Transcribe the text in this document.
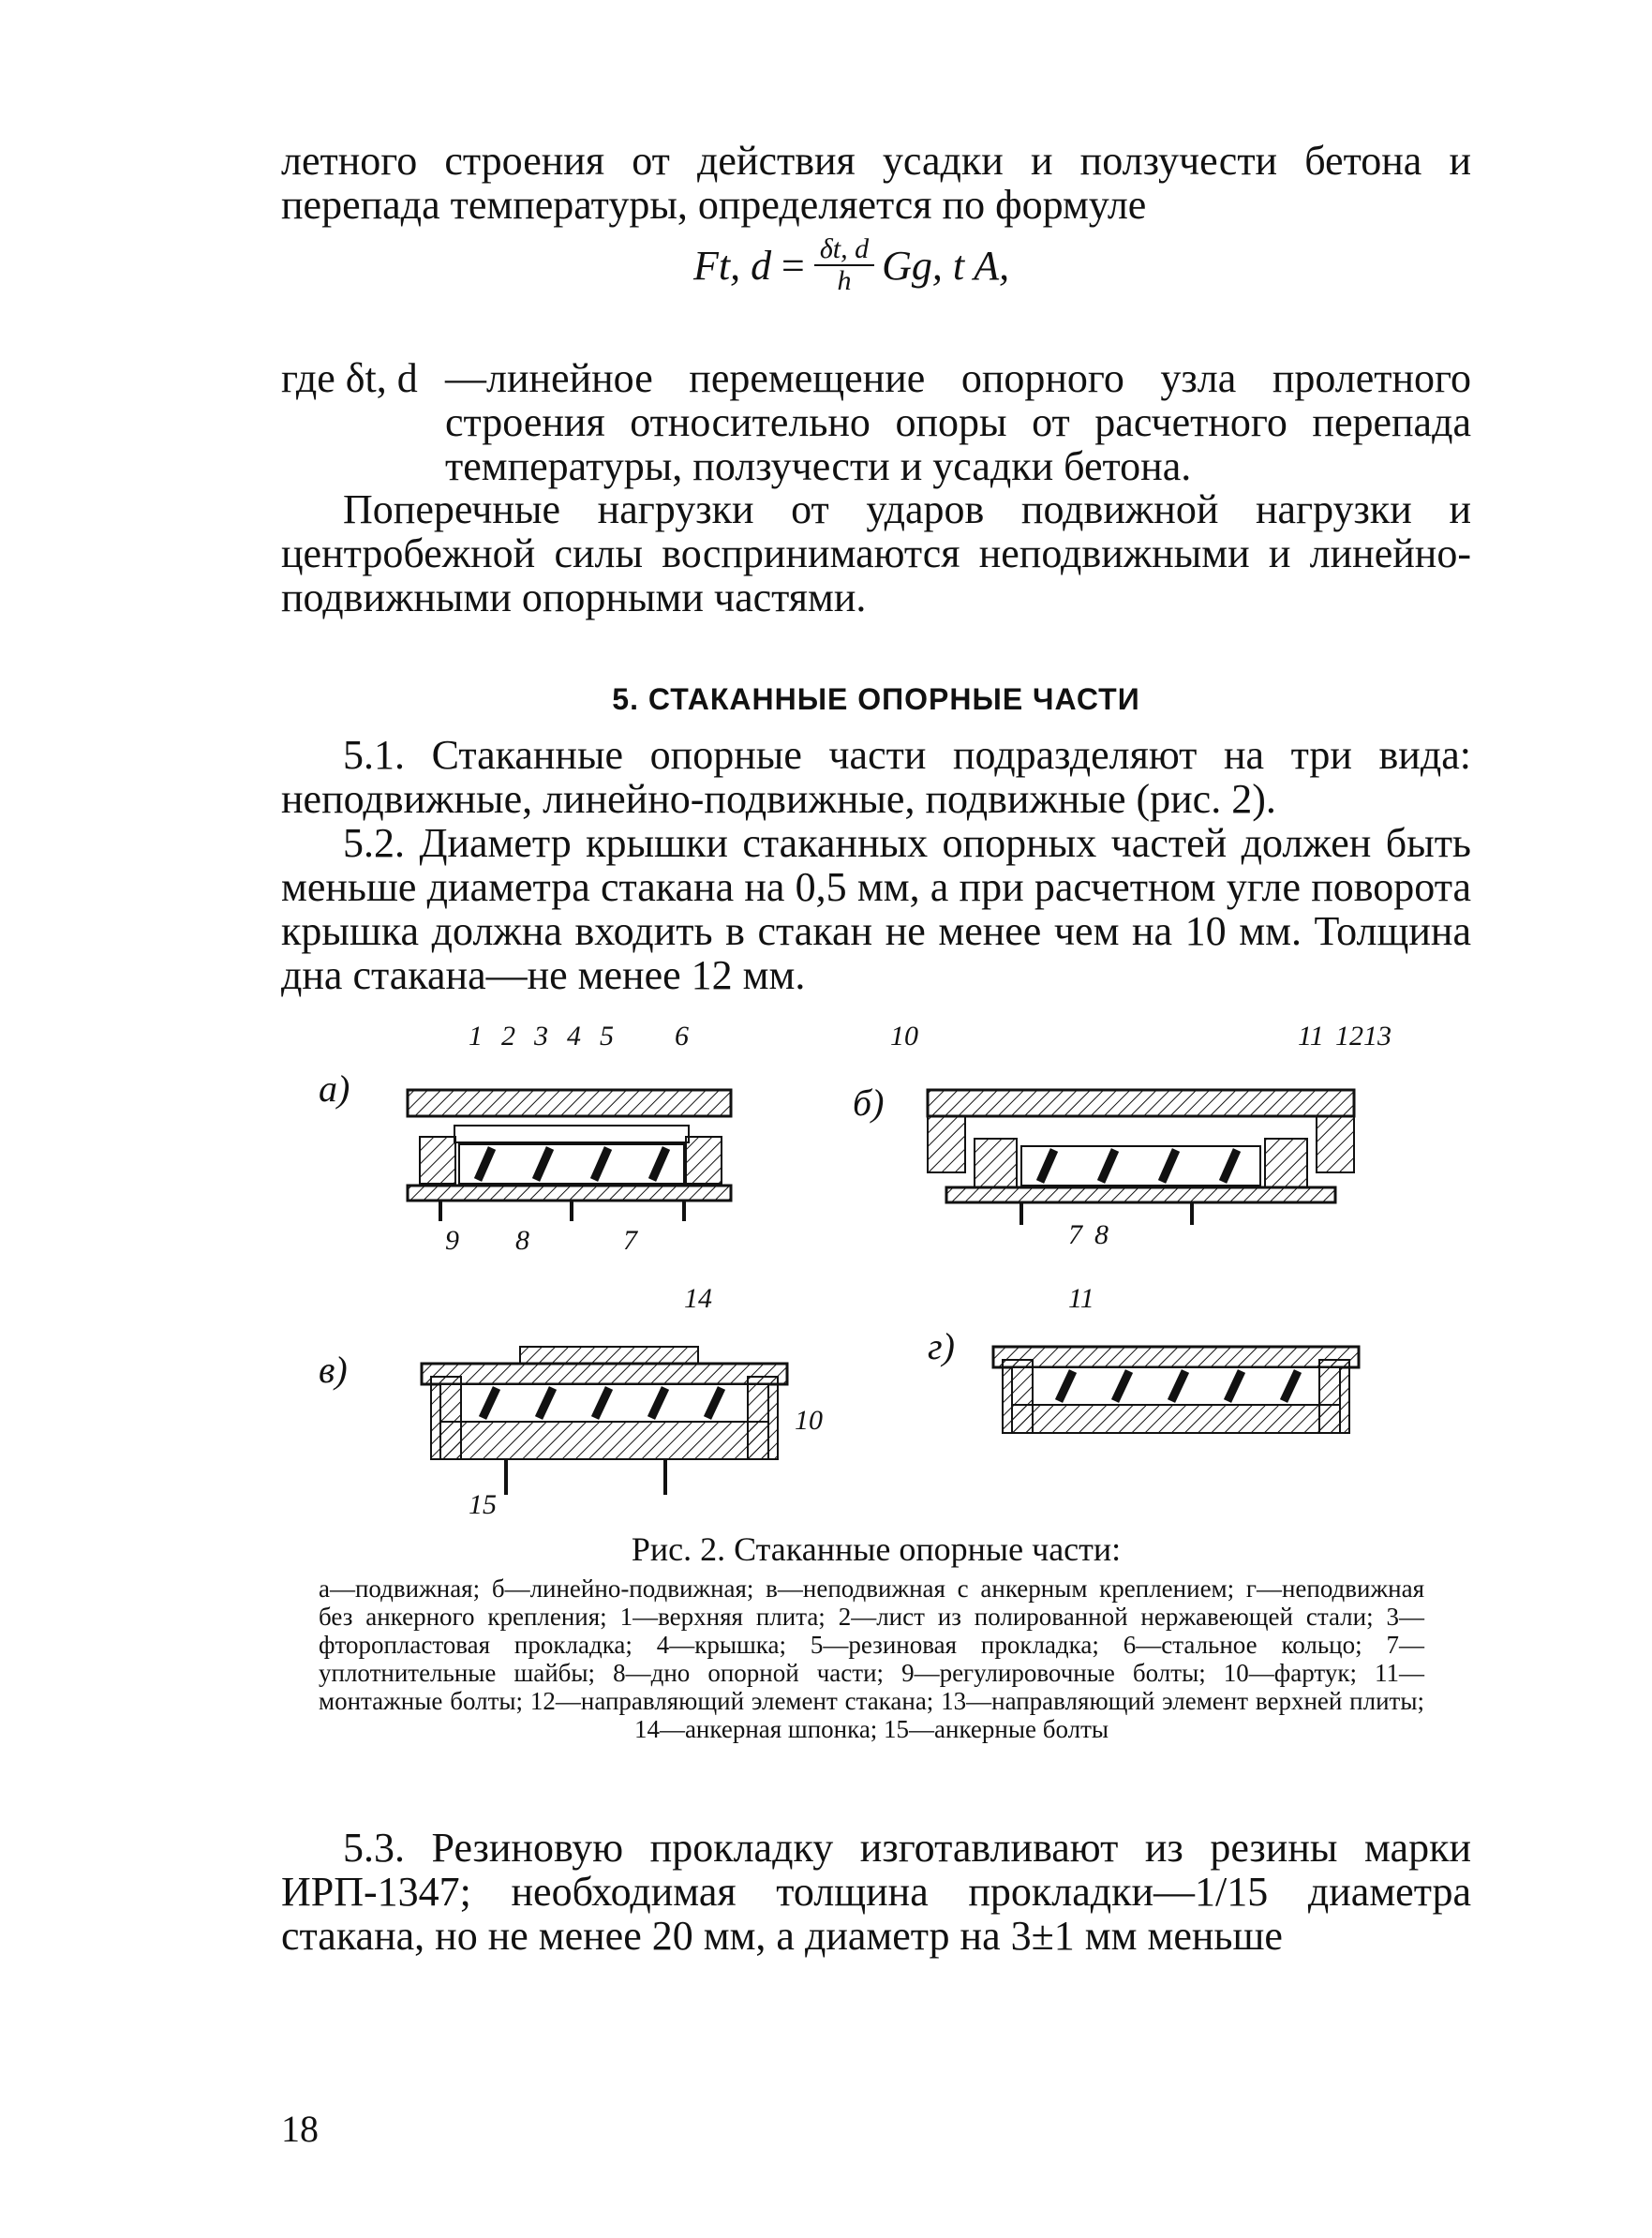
летного строения от действия усадки и ползучести бетона и перепада температуры, определяется по формуле

Ft, $d = \frac{\delta t, d}{h} Gg$, t A,
где δt, d —линейное перемещение опорного узла пролетного строения относительно опоры от расчетного перепада температуры, ползучести и усадки бетона.

Поперечные нагрузки от ударов подвижной нагрузки и центробежной силы воспринимаются неподвижными и линейно-подвижными опорными частями.

5. СТАКАННЫЕ ОПОРНЫЕ ЧАСТИ

5.1. Стаканные опорные части подразделяют на три вида: неподвижные, линейно-подвижные, подвижные (рис. 2).

5.2. Диаметр крышки стаканных опорных частей должен быть меньше диаметра стакана на 0,5 мм, а при расчетном угле поворота крышка должна входить в стакан не менее чем на 10 мм. Толщина дна стакана—не менее 12 мм.

а)
1 2 3 4 5 6
9 8	7
б)
10	11 12 13
7 8
в)
14
10
15
г)
11
Рис. 2. Стаканные опорные части:
а—подвижная; б—линейно-подвижная; в—неподвижная с анкерным креплением; г—неподвижная без анкерного крепления; 1—верхняя плита; 2—лист из полированной нержавеющей стали; 3—фторопластовая прокладка; 4—крышка; 5—резиновая прокладка; 6—стальное кольцо; 7—уплотнительные шайбы; 8—дно опорной части; 9—регулировочные болты; 10—фартук; 11—монтажные болты; 12—направляющий элемент стакана; 13—направляющий элемент верхней плиты; 14—анкерная шпонка; 15—анкерные болты

5.3. Резиновую прокладку изготавливают из резины марки ИРП-1347; необходимая толщина прокладки—1/15 диаметра стакана, но не менее 20 мм, а диаметр на 3±1 мм меньше

18
